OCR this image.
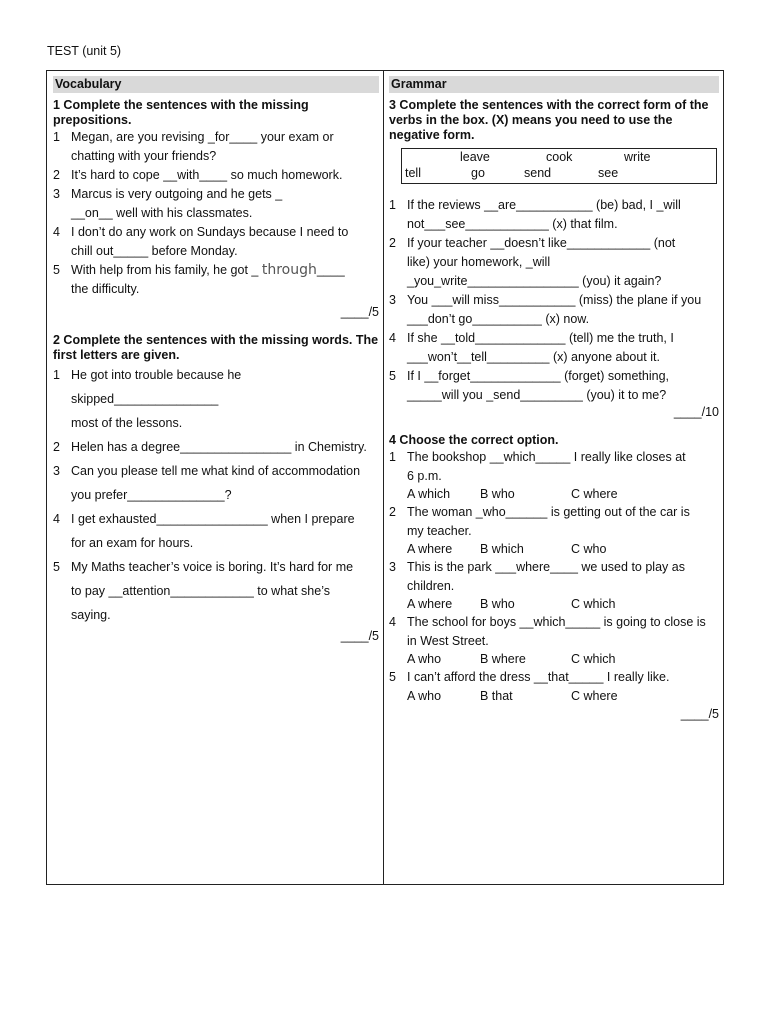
TEST (unit 5)
Vocabulary
1 Complete the sentences with the missing prepositions.
1 Megan, are you revising _for____ your exam or
chatting with your friends?
2 It’s hard to cope __with____ so much homework.
3 Marcus is very outgoing and he gets _
__on__ well with his classmates.
4 I don’t do any work on Sundays because I need to
chill out_____ before Monday.
5 With help from his family, he got _ through____
the difficulty.
____/5
2 Complete the sentences with the missing words. The first letters are given.
1 He got into trouble because he skipped_______________
most of the lessons.
2 Helen has a degree________________ in Chemistry.
3 Can you please tell me what kind of accommodation
you prefer______________?
4 I get exhausted________________ when I prepare
for an exam for hours.
5 My Maths teacher’s voice is boring. It’s hard for me
to pay __attention____________ to what she’s
saying.
____/5
Grammar
3 Complete the sentences with the correct form of the verbs in the box. (X) means you need to use the negative form.
leave	cook	write
tell	go	send	see
1 If the reviews __are___________ (be) bad, I _will
not___see____________ (x) that film.
2 If your teacher __doesn’t like____________ (not
like) your homework, _will
_you_write________________ (you) it again?
3 You ___will miss___________ (miss) the plane if you
___don’t go__________ (x) now.
4 If she __told_____________ (tell) me the truth, I
___won’t__tell_________ (x) anyone about it.
5 If I __forget_____________ (forget) something,
_____will you _send_________ (you) it to me?
____/10
4 Choose the correct option.
1 The bookshop __which_____ I really like closes at
6 p.m.
A which	B who	C where
2 The woman _who______ is getting out of the car is
my teacher.
A where	B which	C who
3 This is the park ___where____ we used to play as
children.
A where	B who	C which
4 The school for boys __which_____ is going to close is
in West Street.
A who	B where	C which
5 I can’t afford the dress __that_____ I really like.
A who	B that	C where
____/5
